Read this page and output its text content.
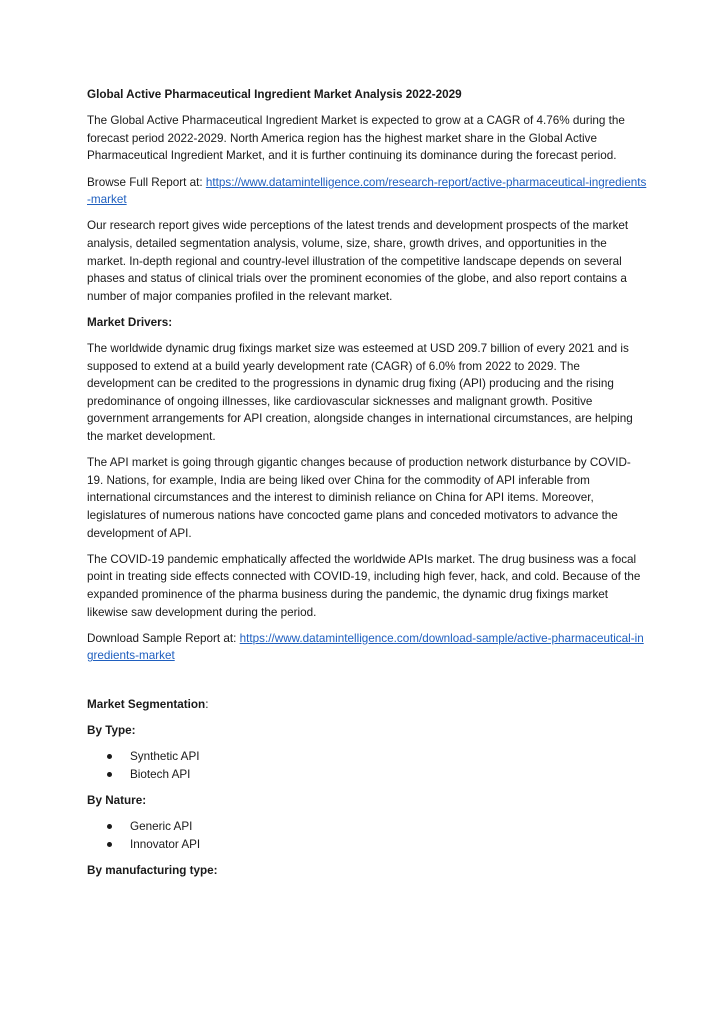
Global Active Pharmaceutical Ingredient Market Analysis 2022-2029

The Global Active Pharmaceutical Ingredient Market is expected to grow at a CAGR of 4.76% during the forecast period 2022-2029. North America region has the highest market share in the Global Active Pharmaceutical Ingredient Market, and it is further continuing its dominance during the forecast period.

Browse Full Report at: https://www.datamintelligence.com/research-report/active-pharmaceutical-ingredients-market

Our research report gives wide perceptions of the latest trends and development prospects of the market analysis, detailed segmentation analysis, volume, size, share, growth drives, and opportunities in the market. In-depth regional and country-level illustration of the competitive landscape depends on several phases and status of clinical trials over the prominent economies of the globe, and also report contains a number of major companies profiled in the relevant market.

Market Drivers:

The worldwide dynamic drug fixings market size was esteemed at USD 209.7 billion of every 2021 and is supposed to extend at a build yearly development rate (CAGR) of 6.0% from 2022 to 2029. The development can be credited to the progressions in dynamic drug fixing (API) producing and the rising predominance of ongoing illnesses, like cardiovascular sicknesses and malignant growth. Positive government arrangements for API creation, alongside changes in international circumstances, are helping the market development.

The API market is going through gigantic changes because of production network disturbance by COVID-19. Nations, for example, India are being liked over China for the commodity of API inferable from international circumstances and the interest to diminish reliance on China for API items. Moreover, legislatures of numerous nations have concocted game plans and conceded motivators to advance the development of API.

The COVID-19 pandemic emphatically affected the worldwide APIs market. The drug business was a focal point in treating side effects connected with COVID-19, including high fever, hack, and cold. Because of the expanded prominence of the pharma business during the pandemic, the dynamic drug fixings market likewise saw development during the period.

Download Sample Report at: https://www.datamintelligence.com/download-sample/active-pharmaceutical-ingredients-market

Market Segmentation:

By Type:

Synthetic API
Biotech API

By Nature:

Generic API
Innovator API

By manufacturing type:
